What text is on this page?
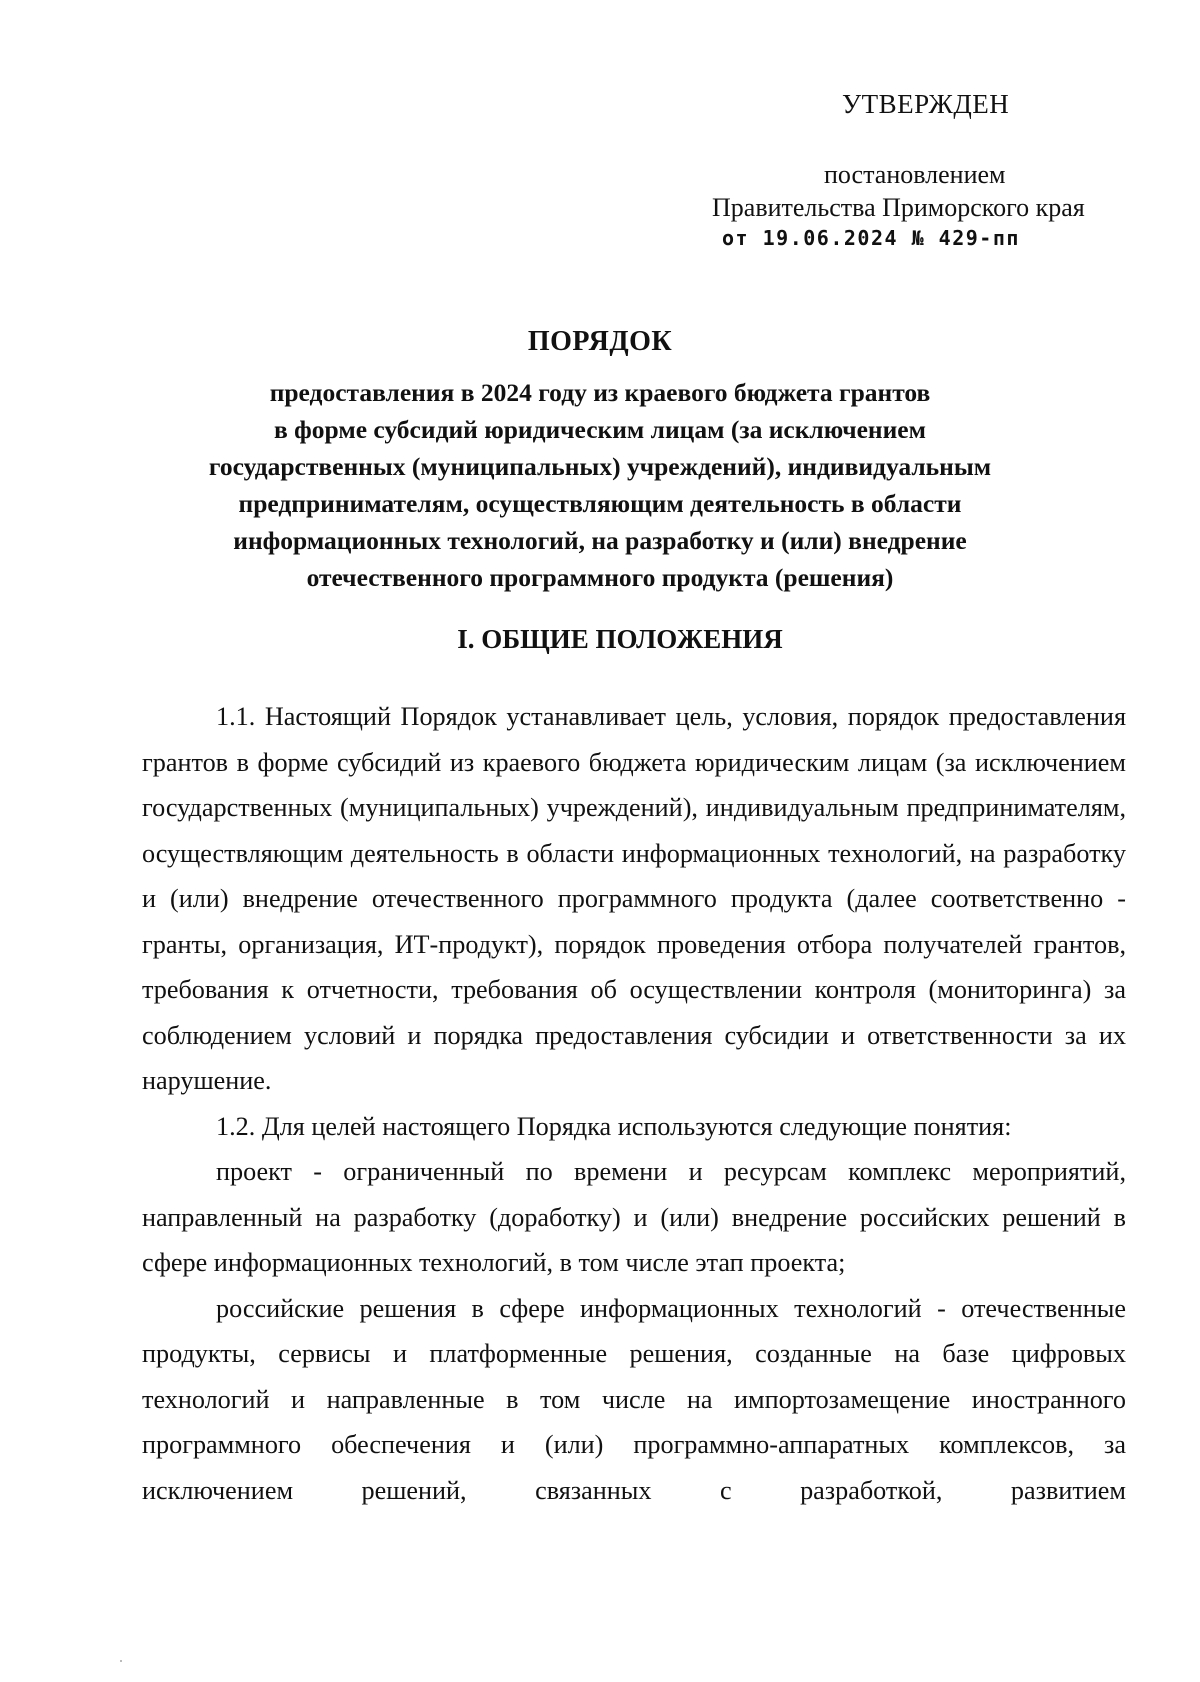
УТВЕРЖДЕН
постановлением
Правительства Приморского края
от 19.06.2024 № 429-пп
ПОРЯДОК
предоставления в 2024 году из краевого бюджета грантов
в форме субсидий юридическим лицам (за исключением
государственных (муниципальных) учреждений), индивидуальным
предпринимателям, осуществляющим деятельность в области
информационных технологий, на разработку и (или) внедрение
отечественного программного продукта (решения)
I. ОБЩИЕ ПОЛОЖЕНИЯ

1.1. Настоящий Порядок устанавливает цель, условия, порядок предоставления грантов в форме субсидий из краевого бюджета юридическим лицам (за исключением государственных (муниципальных) учреждений), индивидуальным предпринимателям, осуществляющим деятельность в области информационных технологий, на разработку и (или) внедрение отечественного программного продукта (далее соответственно - гранты, организация, ИТ-продукт), порядок проведения отбора получателей грантов, требования к отчетности, требования об осуществлении контроля (мониторинга) за соблюдением условий и порядка предоставления субсидии и ответственности за их нарушение.

1.2. Для целей настоящего Порядка используются следующие понятия:

проект - ограниченный по времени и ресурсам комплекс мероприятий, направленный на разработку (доработку) и (или) внедрение российских решений в сфере информационных технологий, в том числе этап проекта;

российские решения в сфере информационных технологий - отечественные продукты, сервисы и платформенные решения, созданные на базе цифровых технологий и направленные в том числе на импортозамещение иностранного программного обеспечения и (или) программно-аппаратных комплексов, за исключением решений, связанных с разработкой, развитием
